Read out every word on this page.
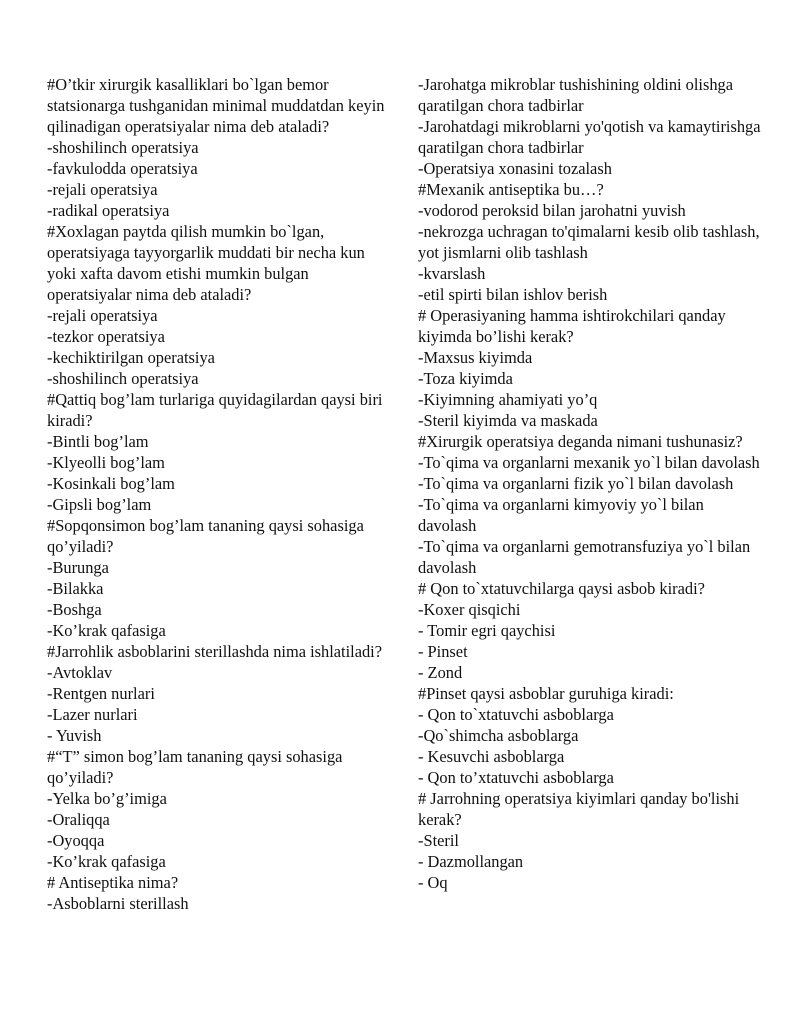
#O’tkir xirurgik kasalliklari bo`lgan bemor statsionarga tushganidan minimal muddatdan keyin qilinadigan operatsiyalar nima deb ataladi?

-shoshilinch operatsiya

-favkulodda operatsiya

-rejali operatsiya

-radikal operatsiya

#Xoxlagan paytda qilish mumkin bo`lgan, operatsiyaga tayyorgarlik muddati bir necha kun yoki xafta davom etishi mumkin bulgan operatsiyalar nima deb ataladi?

-rejali operatsiya

-tezkor operatsiya

-kechiktirilgan operatsiya

-shoshilinch operatsiya

#Qattiq bog’lam turlariga quyidagilardan qaysi biri kiradi?

-Bintli bog’lam

-Klyeolli bog’lam

-Kosinkali bog’lam

-Gipsli bog’lam

#Sopqonsimon bog’lam tananing qaysi sohasiga qo’yiladi?

-Burunga

-Bilakka

-Boshga

-Ko’krak qafasiga

#Jarrohlik asboblarini sterillashda nima ishlatiladi?

-Avtoklav

-Rentgen nurlari

-Lazer nurlari

- Yuvish

#“T” simon bog’lam tananing qaysi sohasiga qo’yiladi?

-Yelka bo’g’imiga

-Oraliqqa

-Oyoqqa

-Ko’krak qafasiga

# Antiseptika nima?

-Asboblarni sterillash

-Jarohatga mikroblar tushishining oldini olishga qaratilgan chora tadbirlar

-Jarohatdagi mikroblarni yo'qotish va kamaytirishga qaratilgan chora tadbirlar

-Operatsiya xonasini tozalash

#Mexanik antiseptika bu…?

-vodorod peroksid bilan jarohatni yuvish

-nekrozga uchragan to'qimalarni kesib olib tashlash, yot jismlarni olib tashlash

-kvarslash

-etil spirti bilan ishlov berish

# Operasiyaning hamma ishtirokchilari qanday kiyimda bo’lishi kerak?

-Maxsus kiyimda

-Toza kiyimda

-Kiyimning ahamiyati yo’q

-Steril kiyimda va maskada

#Xirurgik operatsiya deganda nimani tushunasiz?

-To`qima va organlarni mexanik yo`l bilan davolash

-To`qima va organlarni fizik yo`l bilan davolash

-To`qima va organlarni kimyoviy yo`l bilan davolash

-To`qima va organlarni gemotransfuziya yo`l bilan davolash

# Qon to`xtatuvchilarga qaysi asbob kiradi?

-Koxer qisqichi

- Tomir egri qaychisi

- Pinset

- Zond

#Pinset qaysi asboblar guruhiga kiradi:

- Qon to`xtatuvchi asboblarga

-Qo`shimcha asboblarga

- Kesuvchi asboblarga

- Qon to’xtatuvchi asboblarga

# Jarrohning operatsiya kiyimlari qanday bo'lishi kerak?

-Steril

- Dazmollangan

- Oq
